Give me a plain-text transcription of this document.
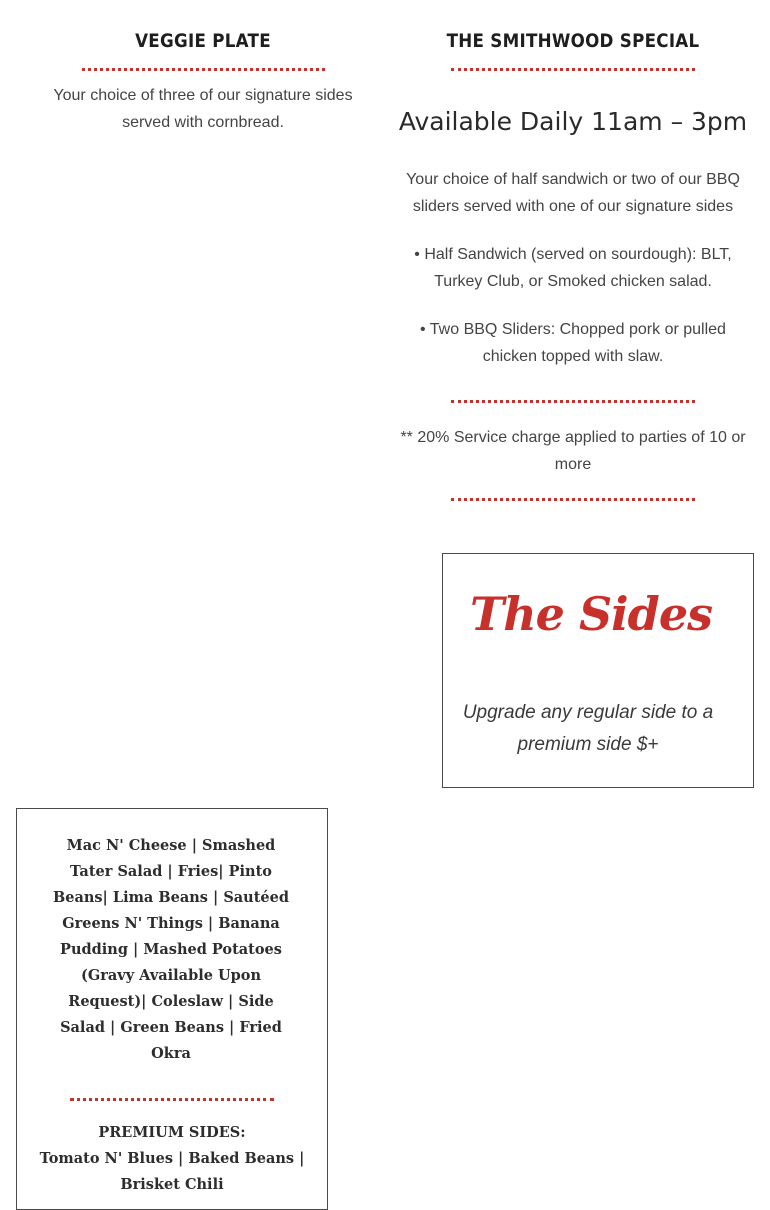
VEGGIE PLATE

Your choice of three of our signature sides served with cornbread.

THE SMITHWOOD SPECIAL
Available Daily 11am – 3pm

Your choice of half sandwich or two of our BBQ sliders served with one of our signature sides

• Half Sandwich (served on sourdough): BLT, Turkey Club, or Smoked chicken salad.

• Two BBQ Sliders: Chopped pork or pulled chicken topped with slaw.

** 20% Service charge applied to parties of 10 or more

The Sides

Upgrade any regular side to a premium side $+

Mac N' Cheese | Smashed Tater Salad | Fries| Pinto Beans| Lima Beans | Sautéed Greens N' Things | Banana Pudding | Mashed Potatoes (Gravy Available Upon Request)| Coleslaw | Side Salad | Green Beans | Fried Okra

PREMIUM SIDES:

Tomato N' Blues | Baked Beans | Brisket Chili
